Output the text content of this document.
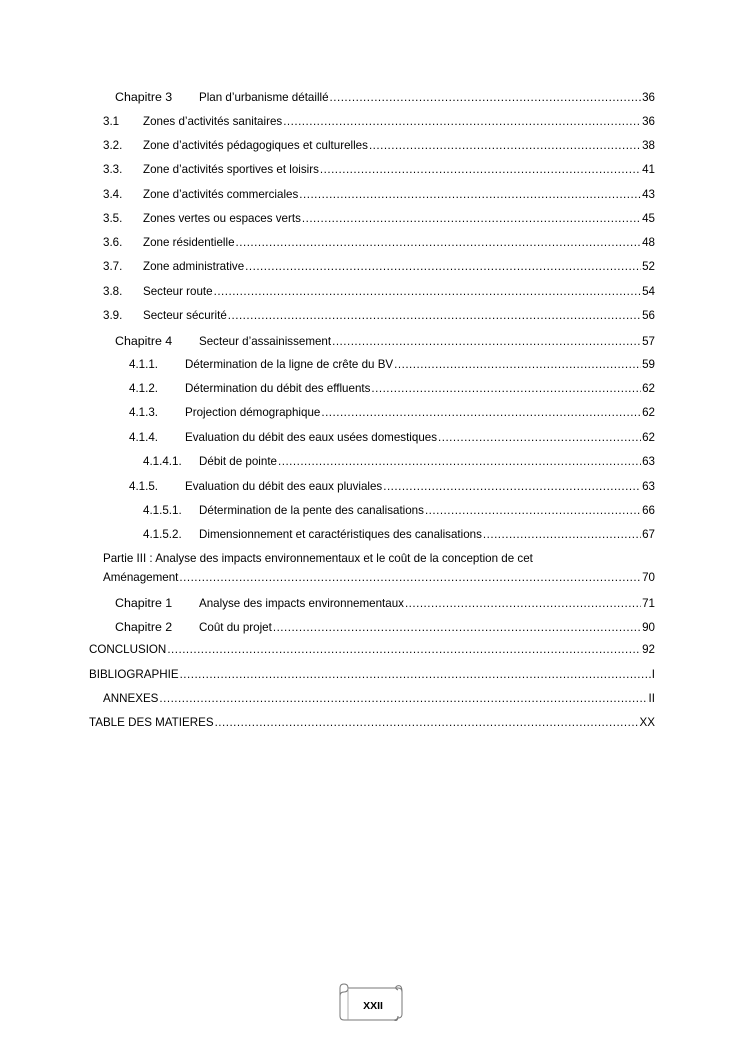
Chapitre 3	Plan d’urbanisme détaillé .....	36
3.1	Zones d’activités sanitaires .....	36
3.2.	Zone d’activités pédagogiques et culturelles .....	38
3.3.	Zone d’activités sportives et loisirs .....	41
3.4.	Zone d’activités commerciales .....	43
3.5.	Zones vertes ou espaces verts .....	45
3.6.	Zone résidentielle .....	48
3.7.	Zone administrative .....	52
3.8.	Secteur route .....	54
3.9.	Secteur sécurité .....	56
Chapitre 4	Secteur d’assainissement .....	57
4.1.1.	Détermination de la ligne de crête du BV .....	59
4.1.2.	Détermination du débit des effluents .....	62
4.1.3.	Projection démographique .....	62
4.1.4.	Evaluation du débit des eaux usées domestiques .....	62
4.1.4.1.	Débit de pointe .....	63
4.1.5.	Evaluation du débit des eaux pluviales .....	63
4.1.5.1.	Détermination de la pente des canalisations .....	66
4.1.5.2.	Dimensionnement et caractéristiques des canalisations .....	67
Partie III : Analyse des impacts environnementaux et le coût de la conception de cet
Aménagement .....	70
Chapitre 1	Analyse des impacts environnementaux .....	71
Chapitre 2	Coût du projet .....	90
CONCLUSION .....	92
BIBLIOGRAPHIE .....	I
ANNEXES .....	II
TABLE DES MATIERES .....	XX
XXII
